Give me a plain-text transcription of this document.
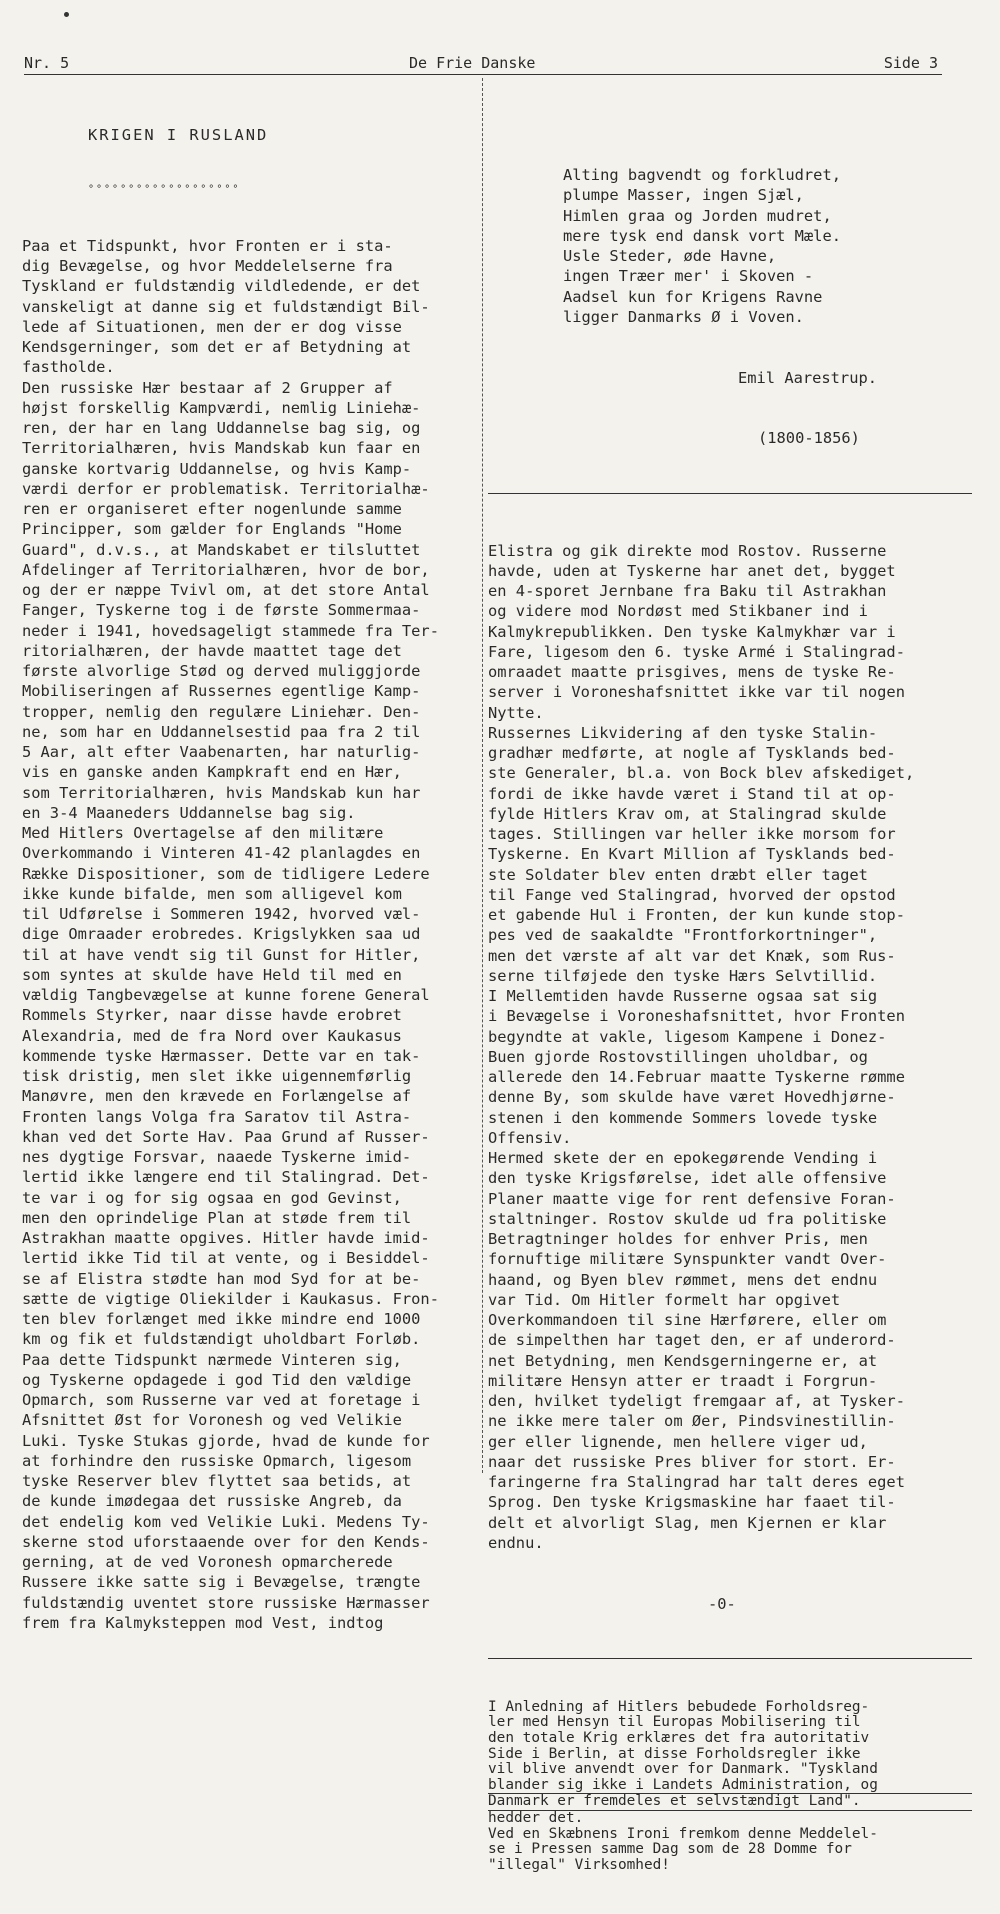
Nr. 5	De Frie Danske	Side 3

KRIGEN I RUSLAND

°°°°°°°°°°°°°°°°°°°

Paa et Tidspunkt, hvor Fronten er i sta-
dig Bevægelse, og hvor Meddelelserne fra
Tyskland er fuldstændig vildledende, er det
vanskeligt at danne sig et fuldstændigt Bil-
lede af Situationen, men der er dog visse
Kendsgerninger, som det er af Betydning at
fastholde.
Den russiske Hær bestaar af 2 Grupper af
højst forskellig Kampværdi, nemlig Liniehæ-
ren, der har en lang Uddannelse bag sig, og
Territorialhæren, hvis Mandskab kun faar en
ganske kortvarig Uddannelse, og hvis Kamp-
værdi derfor er problematisk. Territorialhæ-
ren er organiseret efter nogenlunde samme
Principper, som gælder for Englands "Home
Guard", d.v.s., at Mandskabet er tilsluttet
Afdelinger af Territorialhæren, hvor de bor,
og der er næppe Tvivl om, at det store Antal
Fanger, Tyskerne tog i de første Sommermaa-
neder i 1941, hovedsageligt stammede fra Ter-
ritorialhæren, der havde maattet tage det
første alvorlige Stød og derved muliggjorde
Mobiliseringen af Russernes egentlige Kamp-
tropper, nemlig den regulære Liniehær. Den-
ne, som har en Uddannelsestid paa fra 2 til
5 Aar, alt efter Vaabenarten, har naturlig-
vis en ganske anden Kampkraft end en Hær,
som Territorialhæren, hvis Mandskab kun har
en 3-4 Maaneders Uddannelse bag sig.
Med Hitlers Overtagelse af den militære
Overkommando i Vinteren 41-42 planlagdes en
Række Dispositioner, som de tidligere Ledere
ikke kunde bifalde, men som alligevel kom
til Udførelse i Sommeren 1942, hvorved væl-
dige Omraader erobredes. Krigslykken saa ud
til at have vendt sig til Gunst for Hitler,
som syntes at skulde have Held til med en
vældig Tangbevægelse at kunne forene General
Rommels Styrker, naar disse havde erobret
Alexandria, med de fra Nord over Kaukasus
kommende tyske Hærmasser. Dette var en tak-
tisk dristig, men slet ikke uigennemførlig
Manøvre, men den krævede en Forlængelse af
Fronten langs Volga fra Saratov til Astra-
khan ved det Sorte Hav. Paa Grund af Russer-
nes dygtige Forsvar, naaede Tyskerne imid-
lertid ikke længere end til Stalingrad. Det-
te var i og for sig ogsaa en god Gevinst,
men den oprindelige Plan at støde frem til
Astrakhan maatte opgives. Hitler havde imid-
lertid ikke Tid til at vente, og i Besiddel-
se af Elistra stødte han mod Syd for at be-
sætte de vigtige Oliekilder i Kaukasus. Fron-
ten blev forlænget med ikke mindre end 1000
km og fik et fuldstændigt uholdbart Forløb.
Paa dette Tidspunkt nærmede Vinteren sig,
og Tyskerne opdagede i god Tid den vældige
Opmarch, som Russerne var ved at foretage i
Afsnittet Øst for Voronesh og ved Velikie
Luki. Tyske Stukas gjorde, hvad de kunde for
at forhindre den russiske Opmarch, ligesom
tyske Reserver blev flyttet saa betids, at
de kunde imødegaa det russiske Angreb, da
det endelig kom ved Velikie Luki. Medens Ty-
skerne stod uforstaaende over for den Kends-
gerning, at de ved Voronesh opmarcherede
Russere ikke satte sig i Bevægelse, trængte
fuldstændig uventet store russiske Hærmasser
frem fra Kalmyksteppen mod Vest, indtog

Alting bagvendt og forkludret,
plumpe Masser, ingen Sjæl,
Himlen graa og Jorden mudret,
mere tysk end dansk vort Mæle.
Usle Steder, øde Havne,
ingen Træer mer' i Skoven -
Aadsel kun for Krigens Ravne
ligger Danmarks Ø i Voven.

Emil Aarestrup.

(1800-1856)

Elistra og gik direkte mod Rostov. Russerne
havde, uden at Tyskerne har anet det, bygget
en 4-sporet Jernbane fra Baku til Astrakhan
og videre mod Nordøst med Stikbaner ind i
Kalmykrepublikken. Den tyske Kalmykhær var i
Fare, ligesom den 6. tyske Armé i Stalingrad-
omraadet maatte prisgives, mens de tyske Re-
server i Voroneshafsnittet ikke var til nogen
Nytte.
Russernes Likvidering af den tyske Stalin-
gradhær medførte, at nogle af Tysklands bed-
ste Generaler, bl.a. von Bock blev afskediget,
fordi de ikke havde været i Stand til at op-
fylde Hitlers Krav om, at Stalingrad skulde
tages. Stillingen var heller ikke morsom for
Tyskerne. En Kvart Million af Tysklands bed-
ste Soldater blev enten dræbt eller taget
til Fange ved Stalingrad, hvorved der opstod
et gabende Hul i Fronten, der kun kunde stop-
pes ved de saakaldte "Frontforkortninger",
men det værste af alt var det Knæk, som Rus-
serne tilføjede den tyske Hærs Selvtillid.
I Mellemtiden havde Russerne ogsaa sat sig
i Bevægelse i Voroneshafsnittet, hvor Fronten
begyndte at vakle, ligesom Kampene i Donez-
Buen gjorde Rostovstillingen uholdbar, og
allerede den 14.Februar maatte Tyskerne rømme
denne By, som skulde have været Hovedhjørne-
stenen i den kommende Sommers lovede tyske
Offensiv.
Hermed skete der en epokegørende Vending i
den tyske Krigsførelse, idet alle offensive
Planer maatte vige for rent defensive Foran-
staltninger. Rostov skulde ud fra politiske
Betragtninger holdes for enhver Pris, men
fornuftige militære Synspunkter vandt Over-
haand, og Byen blev rømmet, mens det endnu
var Tid. Om Hitler formelt har opgivet
Overkommandoen til sine Hærførere, eller om
de simpelthen har taget den, er af underord-
net Betydning, men Kendsgerningerne er, at
militære Hensyn atter er traadt i Forgrun-
den, hvilket tydeligt fremgaar af, at Tysker-
ne ikke mere taler om Øer, Pindsvinestillin-
ger eller lignende, men hellere viger ud,
naar det russiske Pres bliver for stort. Er-
faringerne fra Stalingrad har talt deres eget
Sprog. Den tyske Krigsmaskine har faaet til-
delt et alvorligt Slag, men Kjernen er klar
endnu.

-0-

I Anledning af Hitlers bebudede Forholdsreg-
ler med Hensyn til Europas Mobilisering til
den totale Krig erklæres det fra autoritativ
Side i Berlin, at disse Forholdsregler ikke
vil blive anvendt over for Danmark. "Tyskland
blander sig ikke i Landets Administration, og
Danmark er fremdeles et selvstændigt Land".
hedder det.
Ved en Skæbnens Ironi fremkom denne Meddelel-
se i Pressen samme Dag som de 28 Domme for
"illegal" Virksomhed!
